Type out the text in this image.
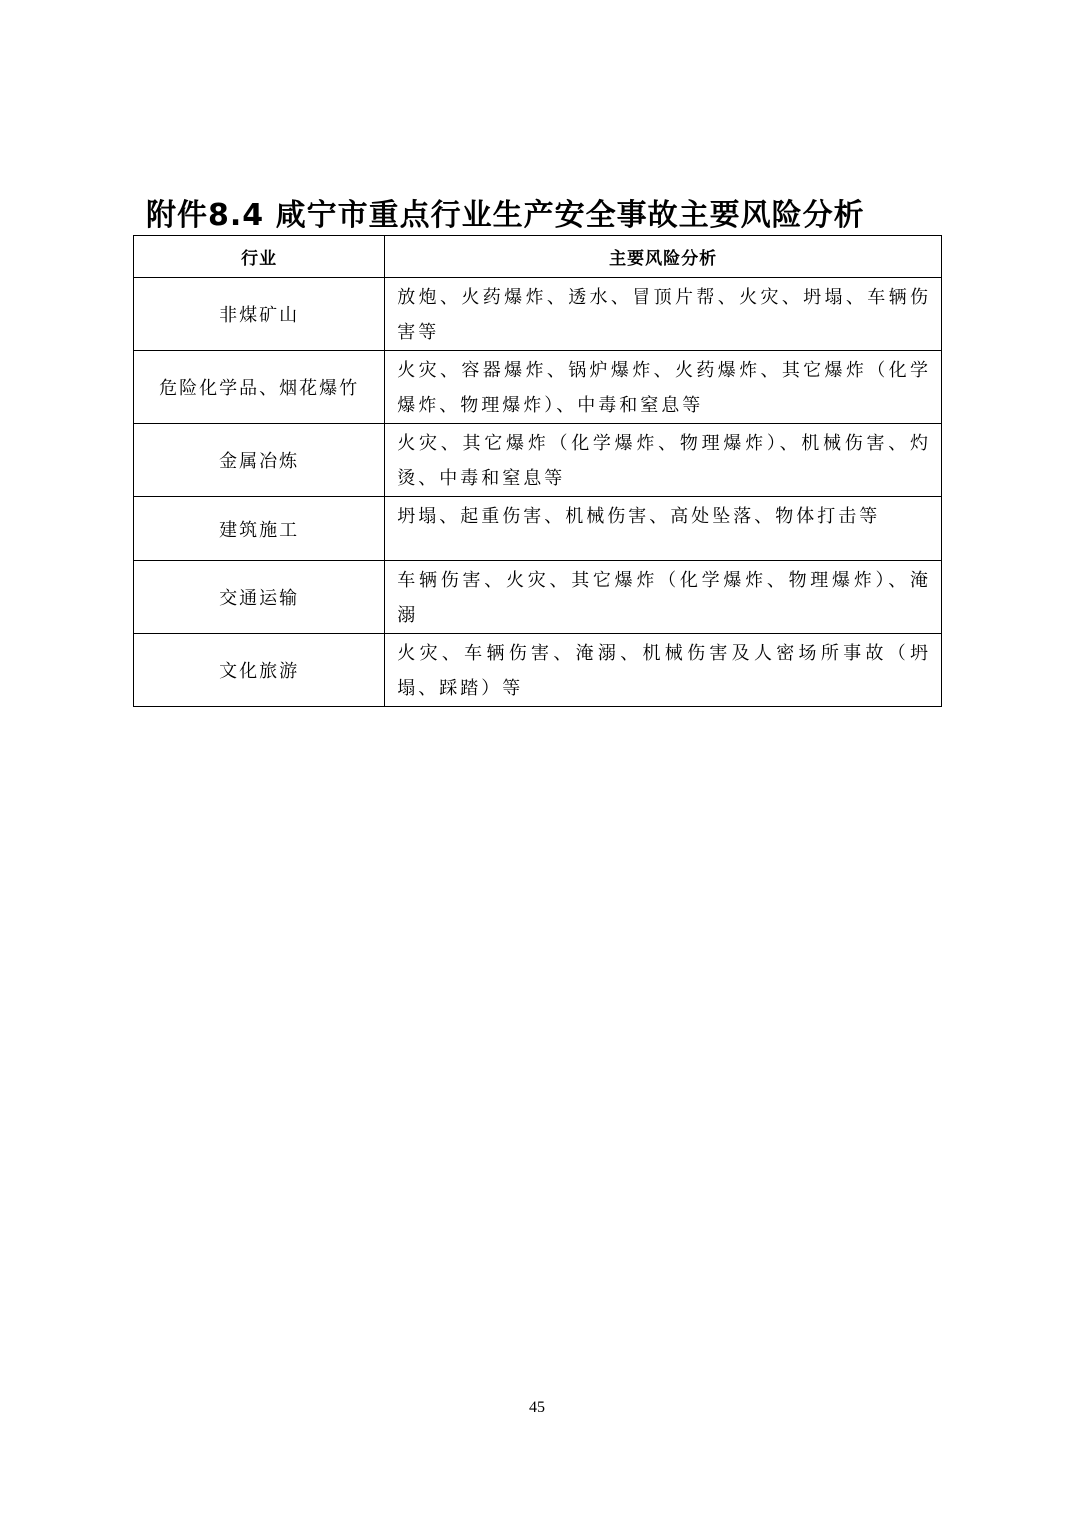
附件8.4 咸宁市重点行业生产安全事故主要风险分析
行业	主要风险分析
非煤矿山	放炮、火药爆炸、透水、冒顶片帮、火灾、坍塌、车辆伤害等
危险化学品、烟花爆竹	火灾、容器爆炸、锅炉爆炸、火药爆炸、其它爆炸（化学爆炸、物理爆炸）、中毒和窒息等
金属冶炼	火灾、其它爆炸（化学爆炸、物理爆炸）、机械伤害、灼烫、中毒和窒息等
建筑施工	坍塌、起重伤害、机械伤害、高处坠落、物体打击等
交通运输	车辆伤害、火灾、其它爆炸（化学爆炸、物理爆炸）、淹溺
文化旅游	火灾、车辆伤害、淹溺、机械伤害及人密场所事故（坍塌、踩踏）等
45
